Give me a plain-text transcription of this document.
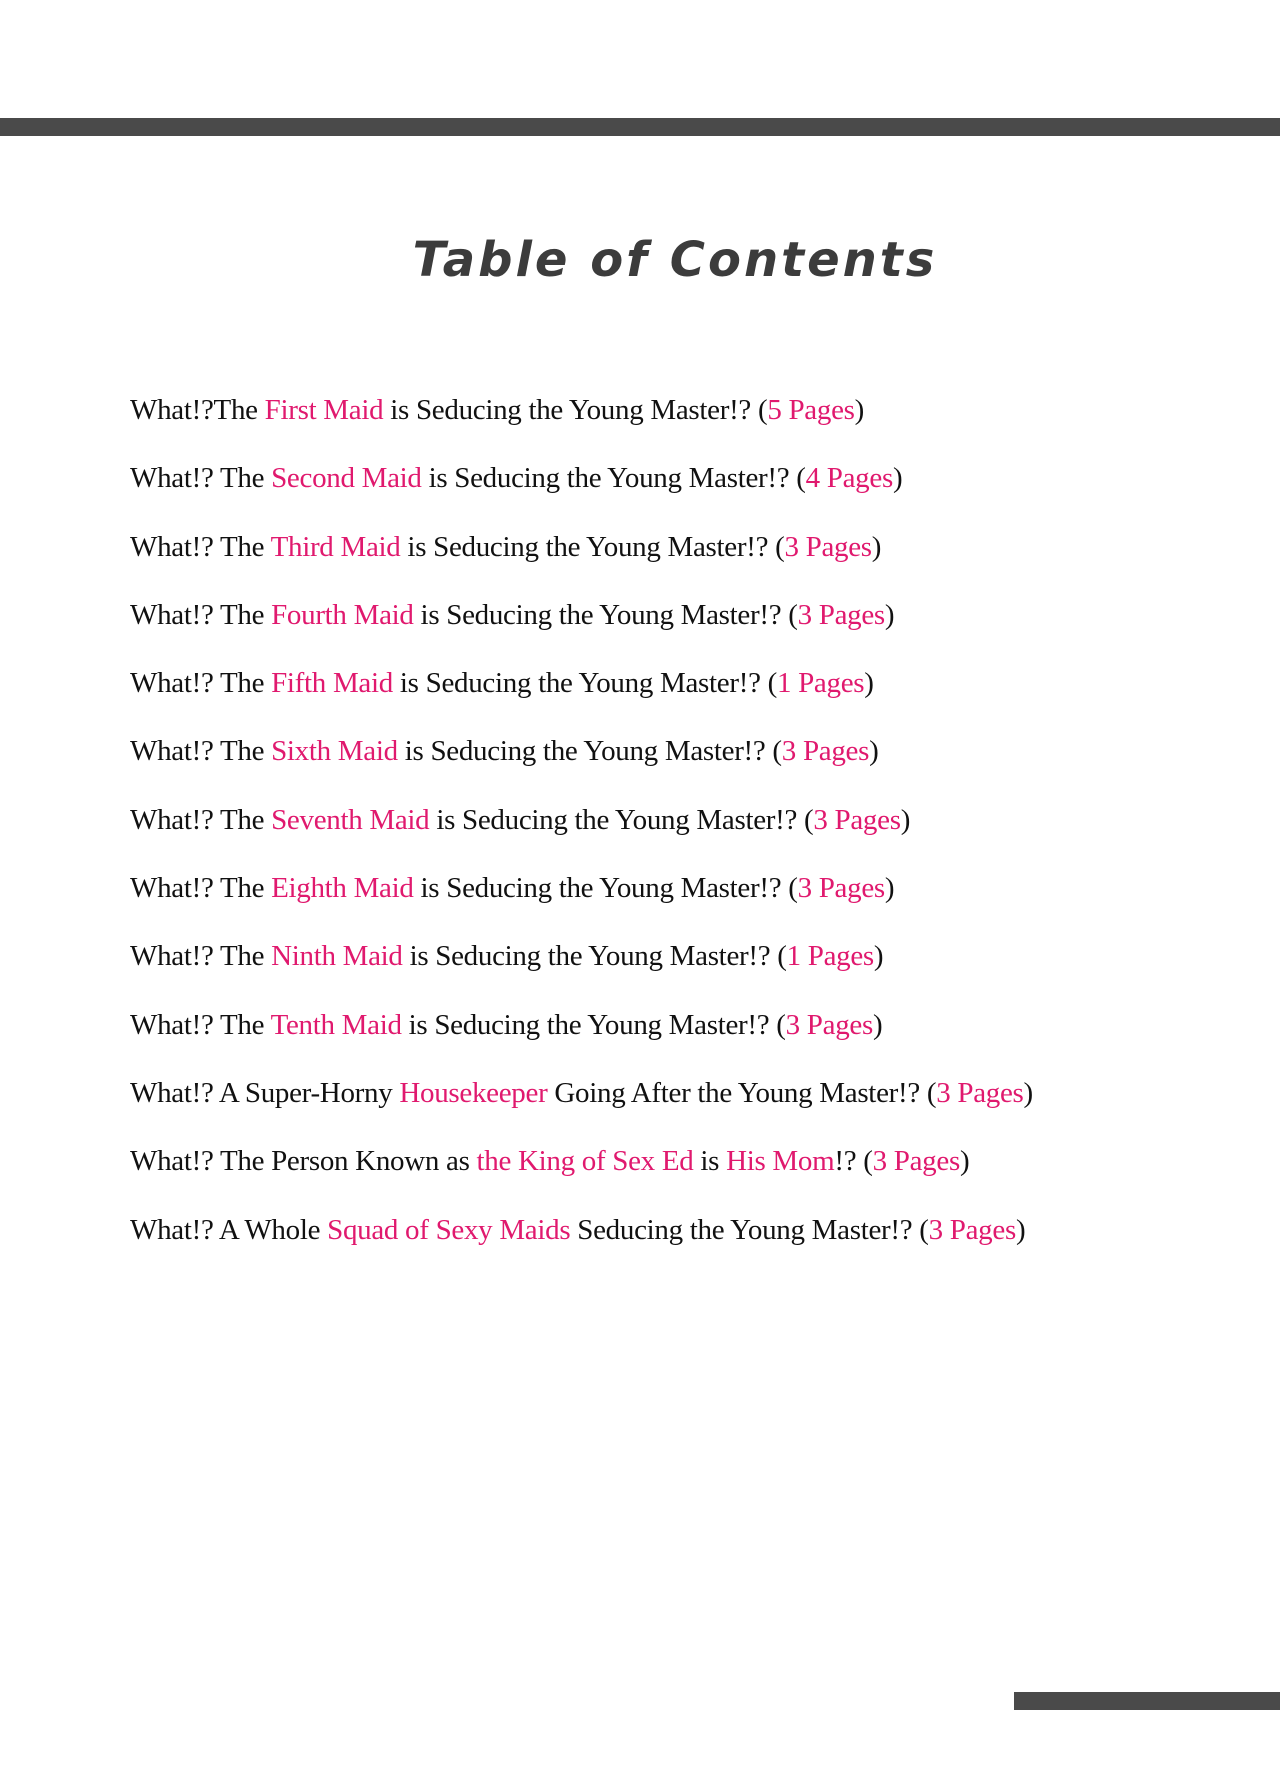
Table of Contents
What!?The First Maid is Seducing the Young Master!? (5 Pages)
What!? The Second Maid is Seducing the Young Master!? (4 Pages)
What!? The Third Maid is Seducing the Young Master!? (3 Pages)
What!? The Fourth Maid is Seducing the Young Master!? (3 Pages)
What!? The Fifth Maid is Seducing the Young Master!? (1 Pages)
What!? The Sixth Maid is Seducing the Young Master!? (3 Pages)
What!? The Seventh Maid is Seducing the Young Master!? (3 Pages)
What!? The Eighth Maid is Seducing the Young Master!? (3 Pages)
What!? The Ninth Maid is Seducing the Young Master!? (1 Pages)
What!? The Tenth Maid is Seducing the Young Master!? (3 Pages)
What!? A Super-Horny Housekeeper Going After the Young Master!? (3 Pages)
What!? The Person Known as the King of Sex Ed is His Mom!? (3 Pages)
What!? A Whole Squad of Sexy Maids Seducing the Young Master!? (3 Pages)
